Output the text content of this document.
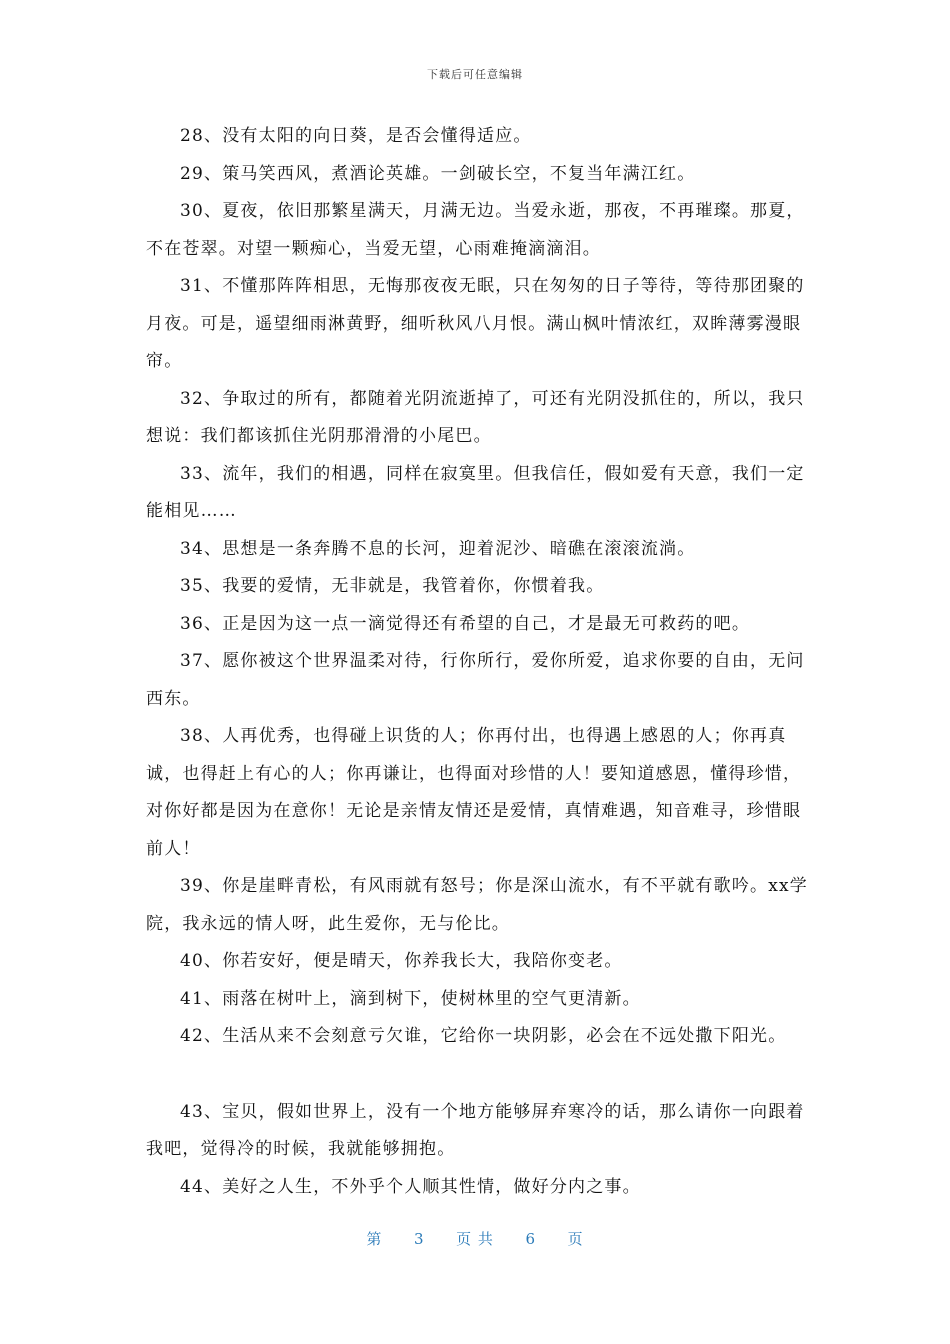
下载后可任意编辑

28、没有太阳的向日葵，是否会懂得适应。

29、策马笑西风，煮酒论英雄。一剑破长空，不复当年满江红。

30、夏夜，依旧那繁星满天，月满无边。当爱永逝，那夜，不再璀璨。那夏，不在苍翠。对望一颗痴心，当爱无望，心雨难掩滴滴泪。

31、不懂那阵阵相思，无悔那夜夜无眠，只在匆匆的日子等待，等待那团聚的月夜。可是，遥望细雨淋黄野，细听秋风八月恨。满山枫叶情浓红，双眸薄雾漫眼帘。

32、争取过的所有，都随着光阴流逝掉了，可还有光阴没抓住的，所以，我只想说：我们都该抓住光阴那滑滑的小尾巴。

33、流年，我们的相遇，同样在寂寞里。但我信任，假如爱有天意，我们一定能相见……

34、思想是一条奔腾不息的长河，迎着泥沙、暗礁在滚滚流淌。

35、我要的爱情，无非就是，我管着你，你惯着我。

36、正是因为这一点一滴觉得还有希望的自己，才是最无可救药的吧。

37、愿你被这个世界温柔对待，行你所行，爱你所爱，追求你要的自由，无问西东。

38、人再优秀，也得碰上识货的人；你再付出，也得遇上感恩的人；你再真诚，也得赶上有心的人；你再谦让，也得面对珍惜的人！要知道感恩，懂得珍惜，对你好都是因为在意你！无论是亲情友情还是爱情，真情难遇，知音难寻，珍惜眼前人！

39、你是崖畔青松，有风雨就有怒号；你是深山流水，有不平就有歌吟。xx学院，我永远的情人呀，此生爱你，无与伦比。

40、你若安好，便是晴天，你养我长大，我陪你变老。

41、雨落在树叶上，滴到树下，使树林里的空气更清新。

42、生活从来不会刻意亏欠谁，它给你一块阴影，必会在不远处撒下阳光。

43、宝贝，假如世界上，没有一个地方能够屏弃寒冷的话，那么请你一向跟着我吧，觉得冷的时候，我就能够拥抱。

44、美好之人生，不外乎个人顺其性情，做好分内之事。

第 3 页 共 6 页
